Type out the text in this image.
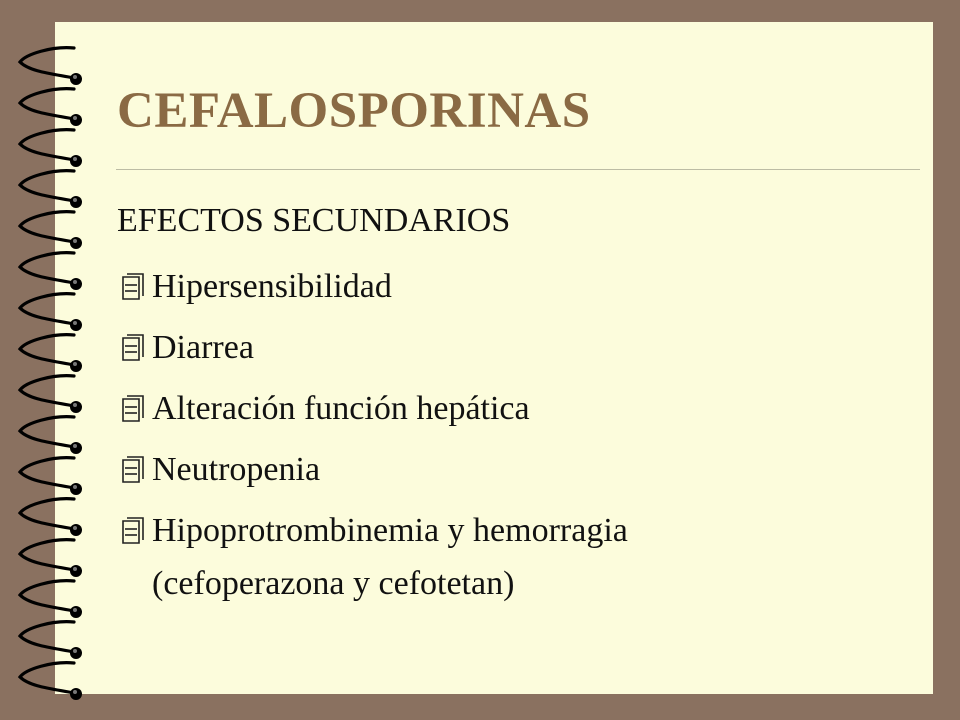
CEFALOSPORINAS
EFECTOS SECUNDARIOS
Hipersensibilidad
Diarrea
Alteración función hepática
Neutropenia
Hipoprotrombinemia y hemorragia
(cefoperazona y cefotetan)
